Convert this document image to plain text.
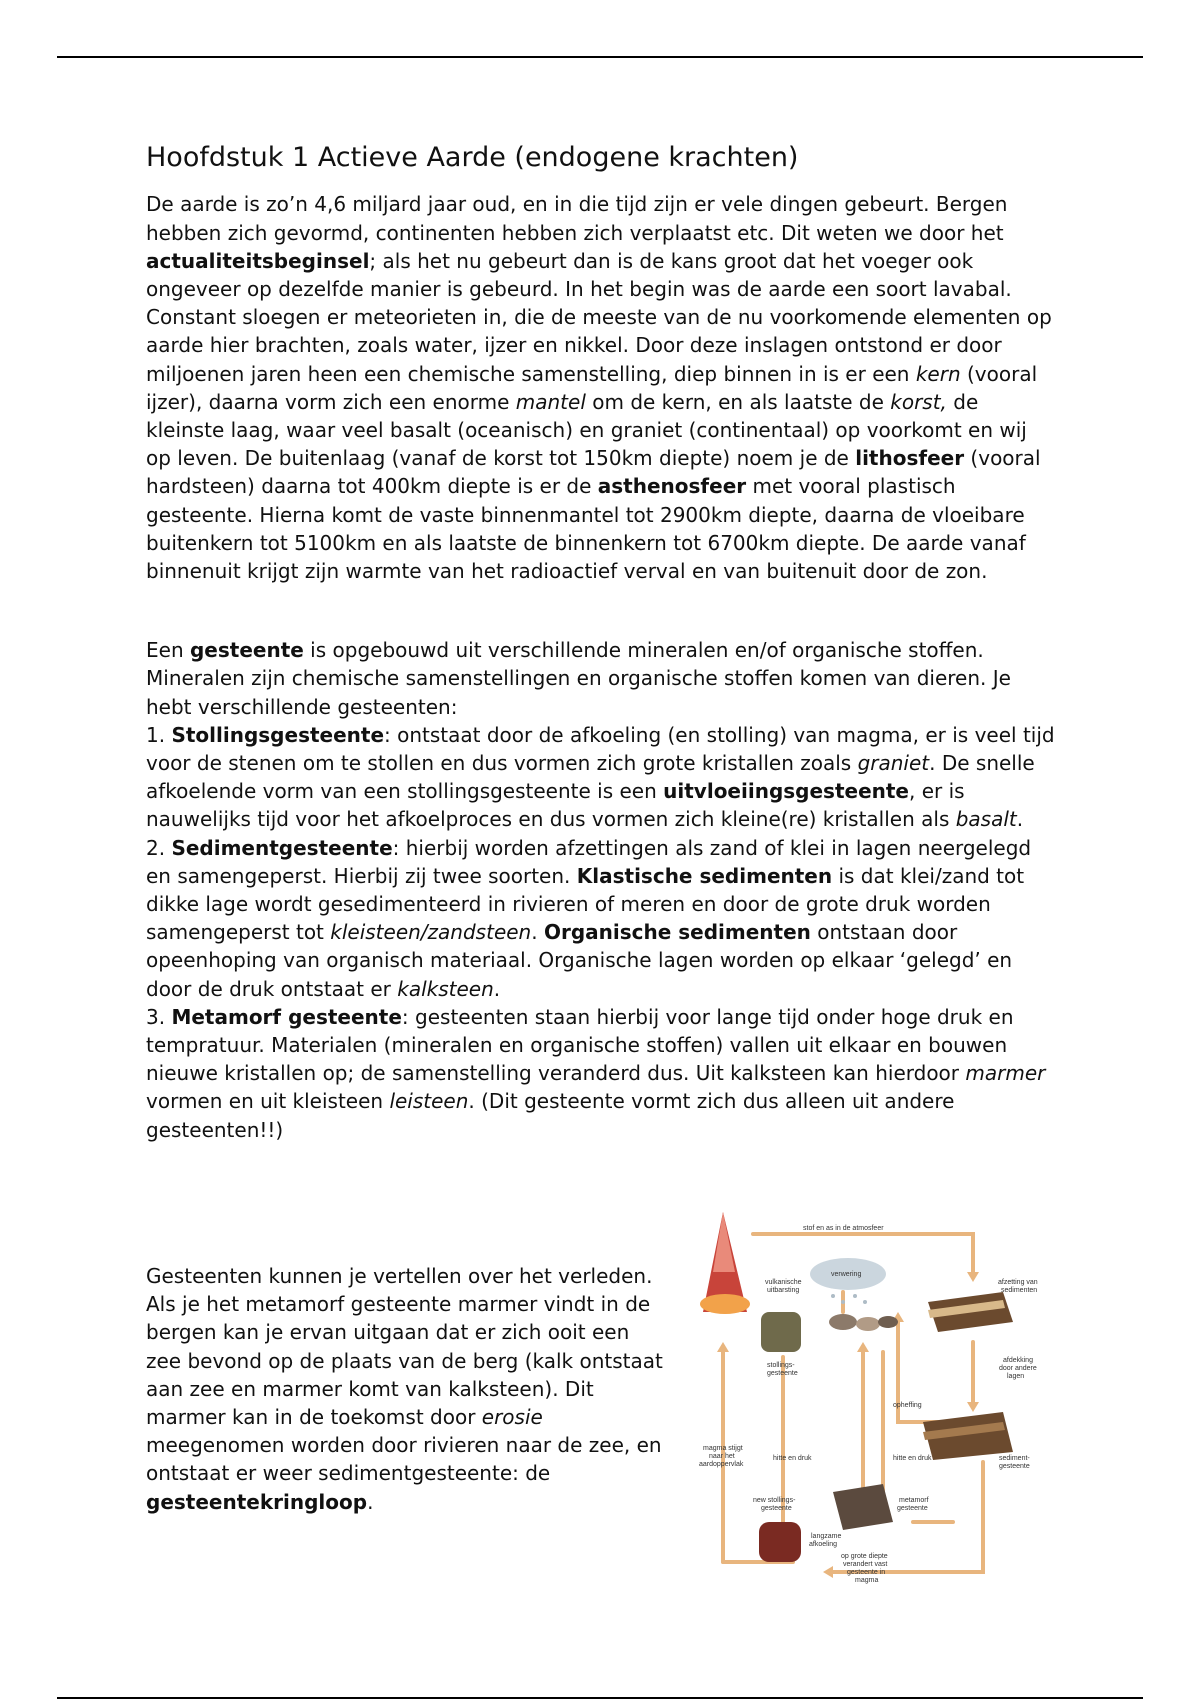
Hoofdstuk 1 Actieve Aarde (endogene krachten)

De aarde is zo’n 4,6 miljard jaar oud, en in die tijd zijn er vele dingen gebeurt. Bergen hebben zich gevormd, continenten hebben zich verplaatst etc. Dit weten we door het actualiteitsbeginsel; als het nu gebeurt dan is de kans groot dat het voeger ook ongeveer op dezelfde manier is gebeurd. In het begin was de aarde een soort lavabal. Constant sloegen er meteorieten in, die de meeste van de nu voorkomende elementen op aarde hier brachten, zoals water, ijzer en nikkel. Door deze inslagen ontstond er door miljoenen jaren heen een chemische samenstelling, diep binnen in is er een kern (vooral ijzer), daarna vorm zich een enorme mantel om de kern, en als laatste de korst, de kleinste laag, waar veel basalt (oceanisch) en graniet (continentaal) op voorkomt en wij op leven. De buitenlaag (vanaf de korst tot 150km diepte) noem je de lithosfeer (vooral hardsteen) daarna tot 400km diepte is er de asthenosfeer met vooral plastisch gesteente. Hierna komt de vaste binnenmantel tot 2900km diepte, daarna de vloeibare buitenkern tot 5100km en als laatste de binnenkern tot 6700km diepte. De aarde vanaf binnenuit krijgt zijn warmte van het radioactief verval en van buitenuit door de zon.

Een gesteente is opgebouwd uit verschillende mineralen en/of organische stoffen. Mineralen zijn chemische samenstellingen en organische stoffen komen van dieren. Je hebt verschillende gesteenten:
1. Stollingsgesteente: ontstaat door de afkoeling (en stolling) van magma, er is veel tijd voor de stenen om te stollen en dus vormen zich grote kristallen zoals graniet. De snelle afkoelende vorm van een stollingsgesteente is een uitvloeiingsgesteente, er is nauwelijks tijd voor het afkoelproces en dus vormen zich kleine(re) kristallen als basalt.
2. Sedimentgesteente: hierbij worden afzettingen als zand of klei in lagen neergelegd en samengeperst. Hierbij zij twee soorten. Klastische sedimenten is dat klei/zand tot dikke lage wordt gesedimenteerd in rivieren of meren en door de grote druk worden samengeperst tot kleisteen/zandsteen. Organische sedimenten ontstaan door opeenhoping van organisch materiaal. Organische lagen worden op elkaar ‘gelegd’ en door de druk ontstaat er kalksteen.
3. Metamorf gesteente: gesteenten staan hierbij voor lange tijd onder hoge druk en tempratuur. Materialen (mineralen en organische stoffen) vallen uit elkaar en bouwen nieuwe kristallen op; de samenstelling veranderd dus. Uit kalksteen kan hierdoor marmer vormen en uit kleisteen leisteen. (Dit gesteente vormt zich dus alleen uit andere gesteenten!!)

Gesteenten kunnen je vertellen over het verleden. Als je het metamorf gesteente marmer vindt in de bergen kan je ervan uitgaan dat er zich ooit een zee bevond op de plaats van de berg (kalk ontstaat aan zee en marmer komt van kalksteen). Dit marmer kan in de toekomst door erosie meegenomen worden door rivieren naar de zee, en ontstaat er weer sedimentgesteente: de gesteentekringloop.

stof en as in de atmosfeer
verwering
vulkanische
uitbarsting
afzetting van
sedimenten
stollings-
gesteente
afdekking
door andere
lagen
opheffing
magma stijgt
naar het
aardoppervlak
hitte en druk	hitte en druk	sediment-
gesteente
new stollings-
gesteente
metamorf
gesteente
langzame
afkoeling
op grote diepte
verandert vast
gesteente in
magma
